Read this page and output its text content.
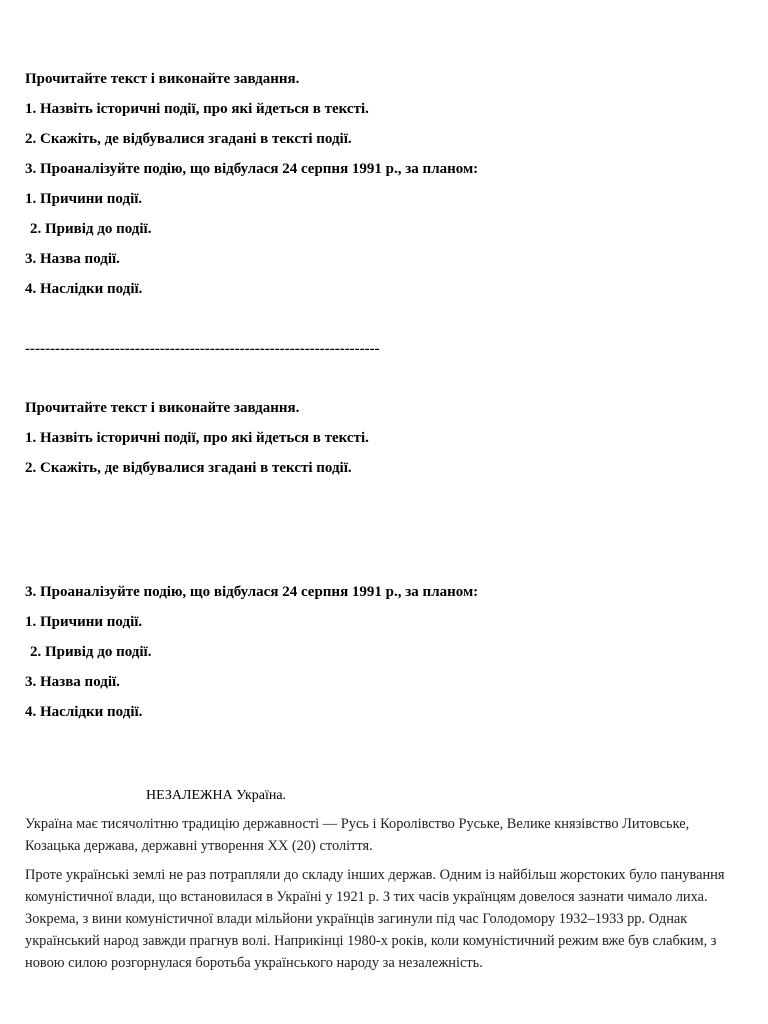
Прочитайте текст і виконайте завдання.
1. Назвіть історичні події, про які йдеться в тексті.
2. Скажіть, де відбувалися згадані в тексті події.
3. Проаналізуйте подію, що відбулася 24 серпня 1991 р., за планом:
1. Причини події.
2. Привід до події.
3. Назва події.
4. Наслідки події.
-----------------------------------------------------------------------
Прочитайте текст і виконайте завдання.
1. Назвіть історичні події, про які йдеться в тексті.
2. Скажіть, де відбувалися згадані в тексті події.
3. Проаналізуйте подію, що відбулася 24 серпня 1991 р., за планом:
1. Причини події.
2. Привід до події.
3. Назва події.
4. Наслідки події.
НЕЗАЛЕЖНА Україна.
Україна має тисячолітню традицію державності — Русь і Королівство Руське, Велике князівство Литовське, Козацька держава, державні утворення ХХ (20) століття.
Проте українські землі не раз потрапляли до складу інших держав. Одним із найбільш жорстоких було панування комуністичної влади, що встановилася в Україні у 1921 р. З тих часів українцям довелося зазнати чимало лиха. Зокрема, з вини комуністичної влади мільйони українців загинули під час Голодомору 1932–1933 рр. Однак український народ завжди прагнув волі. Наприкінці 1980-х років, коли комуністичний режим вже був слабким, з новою силою розгорнулася боротьба українського народу за незалежність.
